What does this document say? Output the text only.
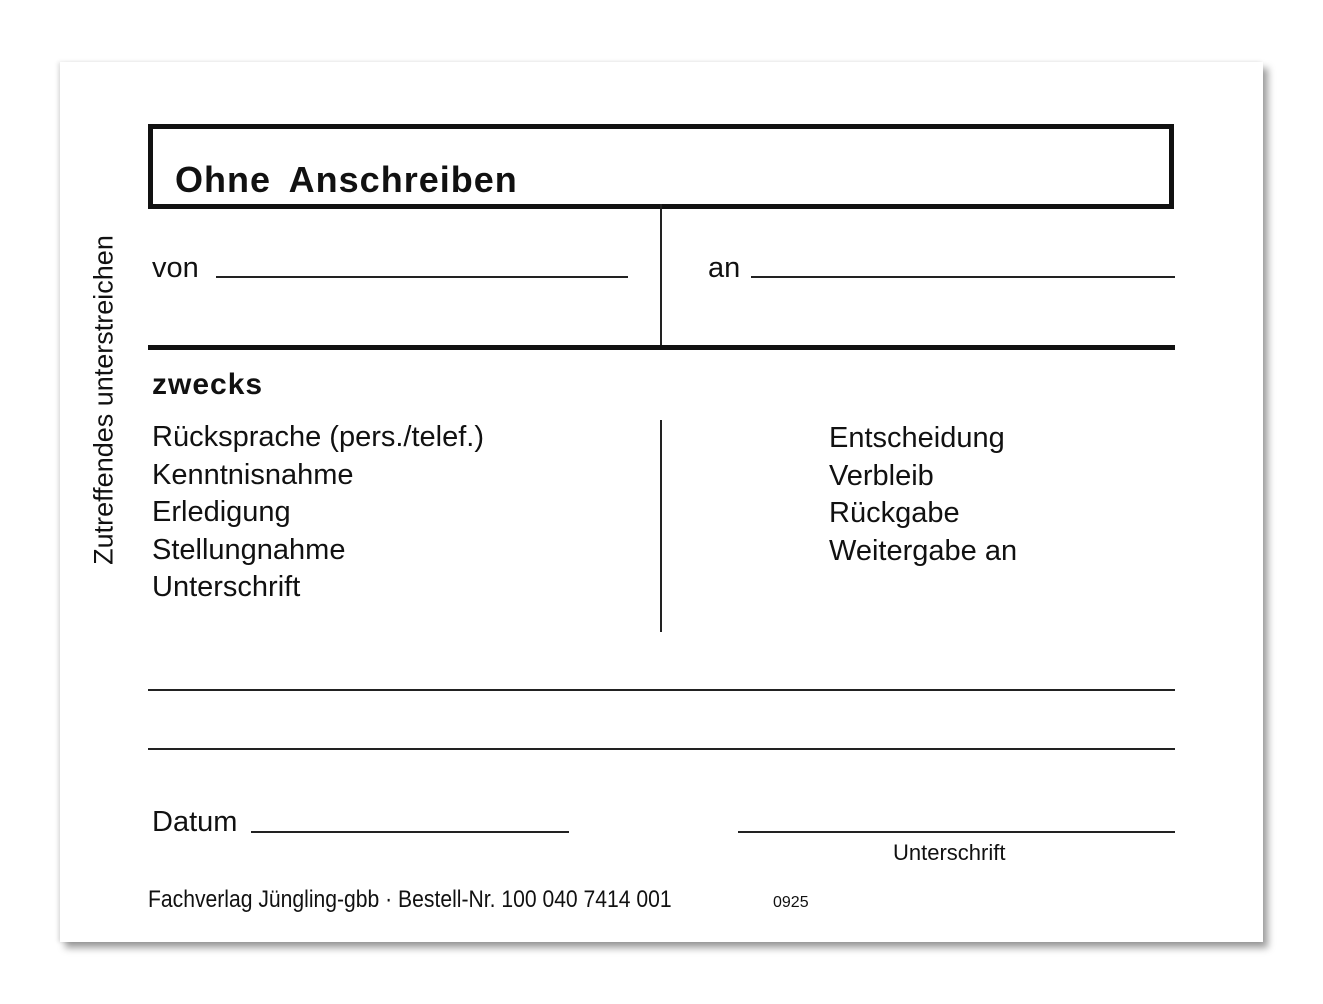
Zutreffendes unterstreichen
Ohne Anschreiben
von	an
zwecks
Rücksprache (pers./telef.)
Kenntnisnahme
Erledigung
Stellungnahme
Unterschrift
Entscheidung
Verbleib
Rückgabe
Weitergabe an
Datum
Unterschrift
Fachverlag Jüngling-gbb · Bestell-Nr. 100 040 7414 001	0925
